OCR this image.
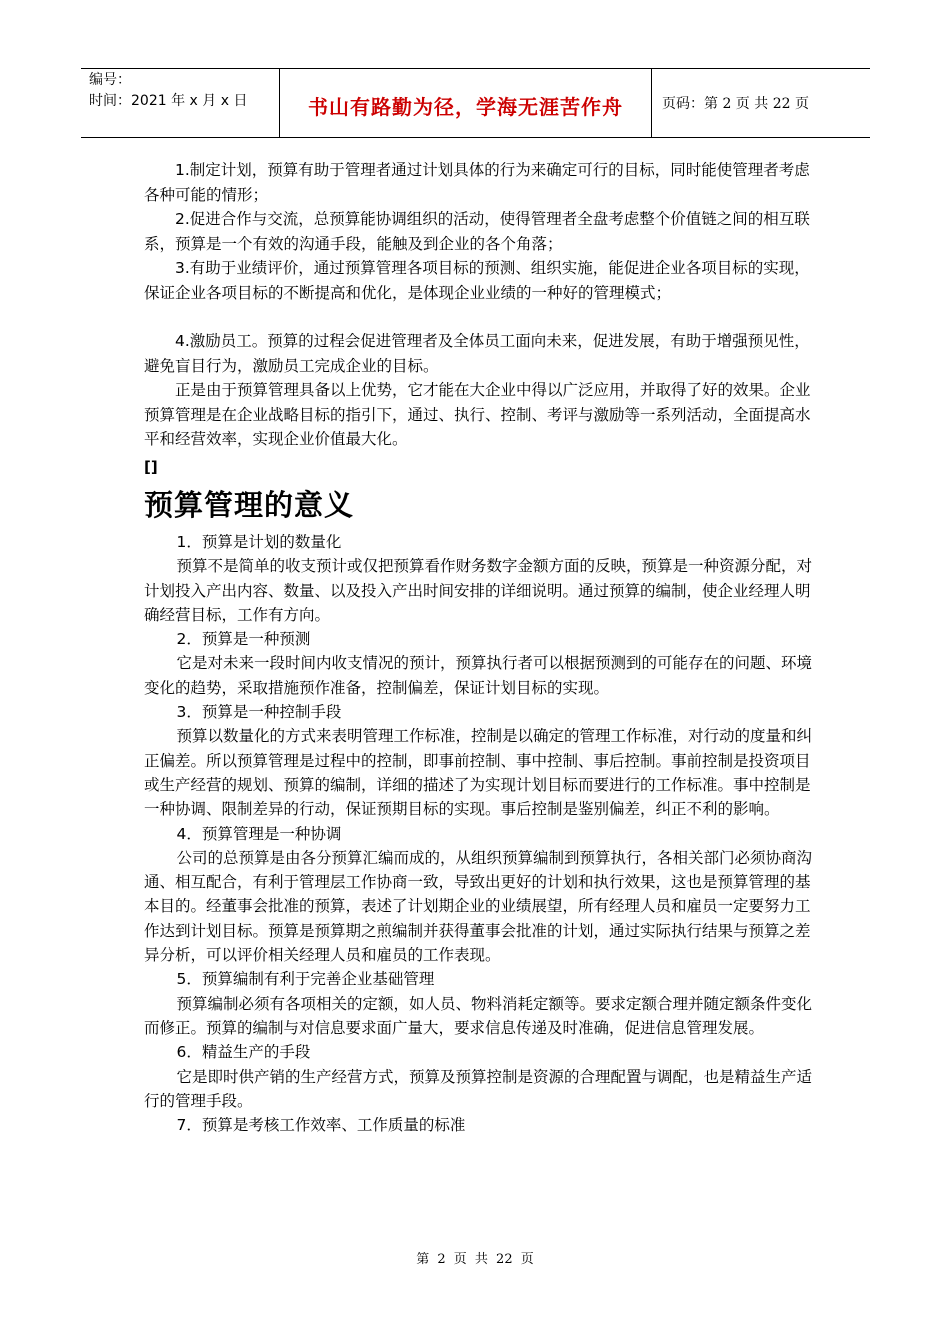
编号：
时间：2021 年 x 月 x 日	书山有路勤为径，学海无涯苦作舟	页码：第 2 页 共 22 页

1.制定计划，预算有助于管理者通过计划具体的行为来确定可行的目标，同时能使管理者考虑各种可能的情形；

2.促进合作与交流，总预算能协调组织的活动，使得管理者全盘考虑整个价值链之间的相互联系，预算是一个有效的沟通手段，能触及到企业的各个角落；

3.有助于业绩评价，通过预算管理各项目标的预测、组织实施，能促进企业各项目标的实现，保证企业各项目标的不断提高和优化，是体现企业业绩的一种好的管理模式；

4.激励员工。预算的过程会促进管理者及全体员工面向未来，促进发展，有助于增强预见性，避免盲目行为，激励员工完成企业的目标。

正是由于预算管理具备以上优势，它才能在大企业中得以广泛应用，并取得了好的效果。企业预算管理是在企业战略目标的指引下，通过、执行、控制、考评与激励等一系列活动，全面提高水平和经营效率，实现企业价值最大化。

[]
预算管理的意义

1．预算是计划的数量化

预算不是简单的收支预计或仅把预算看作财务数字金额方面的反映，预算是一种资源分配，对计划投入产出内容、数量、以及投入产出时间安排的详细说明。通过预算的编制，使企业经理人明确经营目标，工作有方向。

2．预算是一种预测

它是对未来一段时间内收支情况的预计，预算执行者可以根据预测到的可能存在的问题、环境变化的趋势，采取措施预作准备，控制偏差，保证计划目标的实现。

3．预算是一种控制手段

预算以数量化的方式来表明管理工作标准，控制是以确定的管理工作标准，对行动的度量和纠正偏差。所以预算管理是过程中的控制，即事前控制、事中控制、事后控制。事前控制是投资项目或生产经营的规划、预算的编制，详细的描述了为实现计划目标而要进行的工作标准。事中控制是一种协调、限制差异的行动，保证预期目标的实现。事后控制是鉴别偏差，纠正不利的影响。

4．预算管理是一种协调

公司的总预算是由各分预算汇编而成的，从组织预算编制到预算执行，各相关部门必须协商沟通、相互配合，有利于管理层工作协商一致，导致出更好的计划和执行效果，这也是预算管理的基本目的。经董事会批准的预算，表述了计划期企业的业绩展望，所有经理人员和雇员一定要努力工作达到计划目标。预算是预算期之煎编制并获得董事会批准的计划，通过实际执行结果与预算之差异分析，可以评价相关经理人员和雇员的工作表现。

5．预算编制有利于完善企业基础管理

预算编制必须有各项相关的定额，如人员、物料消耗定额等。要求定额合理并随定额条件变化而修正。预算的编制与对信息要求面广量大，要求信息传递及时准确，促进信息管理发展。

6．精益生产的手段

它是即时供产销的生产经营方式，预算及预算控制是资源的合理配置与调配，也是精益生产适行的管理手段。

7．预算是考核工作效率、工作质量的标准

第 2 页 共 22 页
